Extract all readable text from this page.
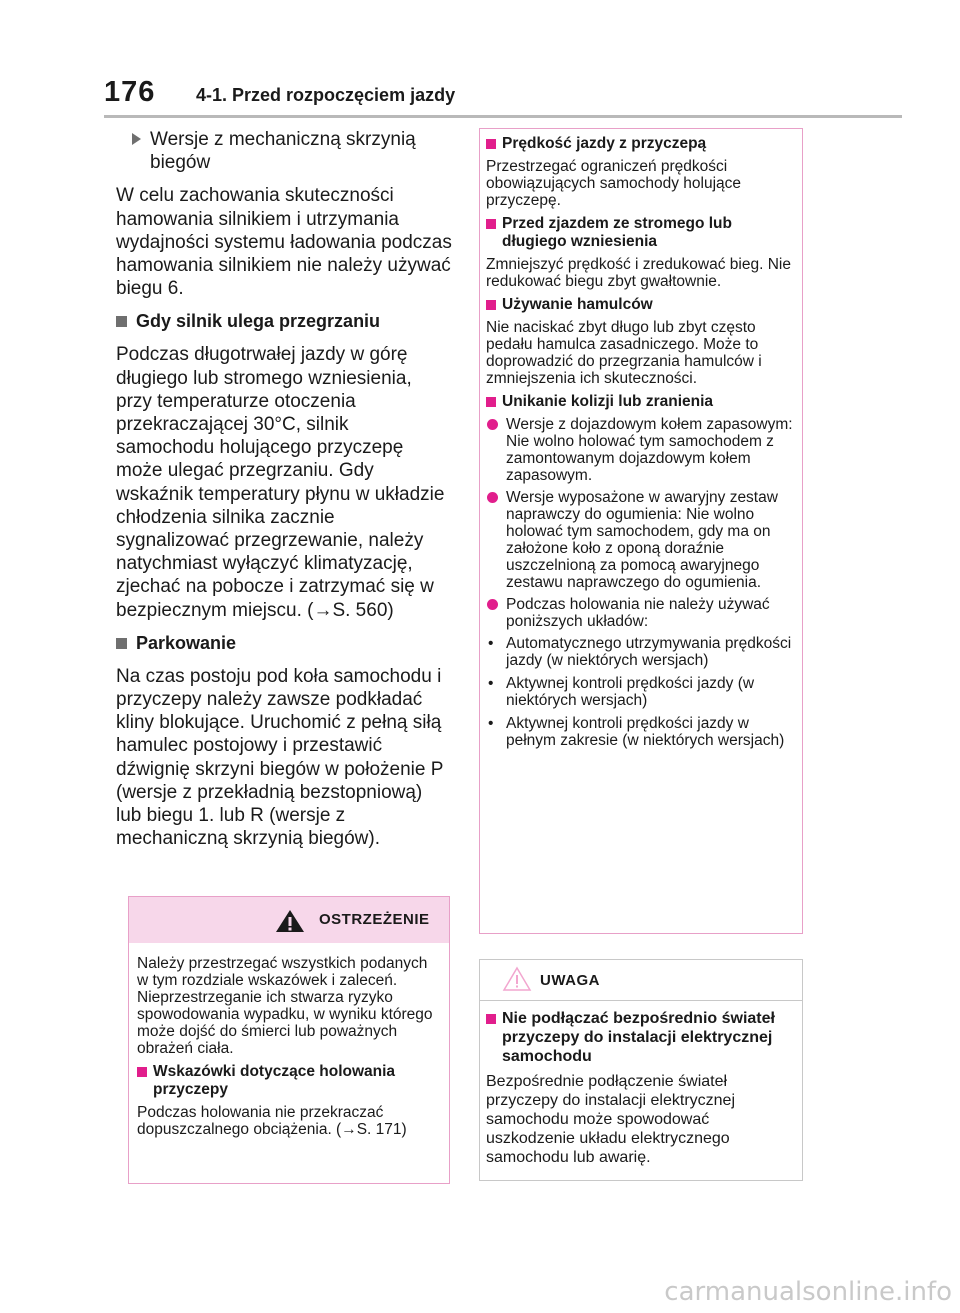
176 4-1. Przed rozpoczęciem jazdy
Wersje z mechaniczną skrzynią biegów

W celu zachowania skuteczności hamowania silnikiem i utrzymania wydajności systemu ładowania podczas hamowania silnikiem nie należy używać biegu 6.

Gdy silnik ulega przegrzaniu

Podczas długotrwałej jazdy w górę długiego lub stromego wzniesienia, przy temperaturze otoczenia przekraczającej 30°C, silnik samochodu holującego przyczepę może ulegać przegrzaniu. Gdy wskaźnik temperatury płynu w układzie chłodzenia silnika zacznie sygnalizować przegrzewanie, należy natychmiast wyłączyć klimatyzację, zjechać na pobocze i zatrzymać się w bezpiecznym miejscu. (→S. 560)

Parkowanie

Na czas postoju pod koła samochodu i przyczepy należy zawsze podkładać kliny blokujące. Uruchomić z pełną siłą hamulec postojowy i przestawić dźwignię skrzyni biegów w położenie P (wersje z przekładnią bezstopniową) lub biegu 1. lub R (wersje z mechaniczną skrzynią biegów).

OSTRZEŻENIE

Należy przestrzegać wszystkich podanych w tym rozdziale wskazówek i zaleceń. Nieprzestrzeganie ich stwarza ryzyko spowodowania wypadku, w wyniku którego może dojść do śmierci lub poważnych obrażeń ciała.

Wskazówki dotyczące holowania przyczepy

Podczas holowania nie przekraczać dopuszczalnego obciążenia. (→S. 171)

Prędkość jazdy z przyczepą

Przestrzegać ograniczeń prędkości obowiązujących samochody holujące przyczepę.

Przed zjazdem ze stromego lub długiego wzniesienia

Zmniejszyć prędkość i zredukować bieg. Nie redukować biegu zbyt gwałtownie.

Używanie hamulców

Nie naciskać zbyt długo lub zbyt często pedału hamulca zasadniczego. Może to doprowadzić do przegrzania hamulców i zmniejszenia ich skuteczności.

Unikanie kolizji lub zranienia
Wersje z dojazdowym kołem zapasowym: Nie wolno holować tym samochodem z zamontowanym dojazdowym kołem zapasowym.
Wersje wyposażone w awaryjny zestaw naprawczy do ogumienia: Nie wolno holować tym samochodem, gdy ma on założone koło z oponą doraźnie uszczelnioną za pomocą awaryjnego zestawu naprawczego do ogumienia.
Podczas holowania nie należy używać poniższych układów:
• Automatycznego utrzymywania prędkości jazdy (w niektórych wersjach)
• Aktywnej kontroli prędkości jazdy (w niektórych wersjach)
• Aktywnej kontroli prędkości jazdy w pełnym zakresie (w niektórych wersjach)
UWAGA
Nie podłączać bezpośrednio świateł przyczepy do instalacji elektrycznej samochodu

Bezpośrednie podłączenie świateł przyczepy do instalacji elektrycznej samochodu może spowodować uszkodzenie układu elektrycznego samochodu lub awarię.

carmanualsonline.info
